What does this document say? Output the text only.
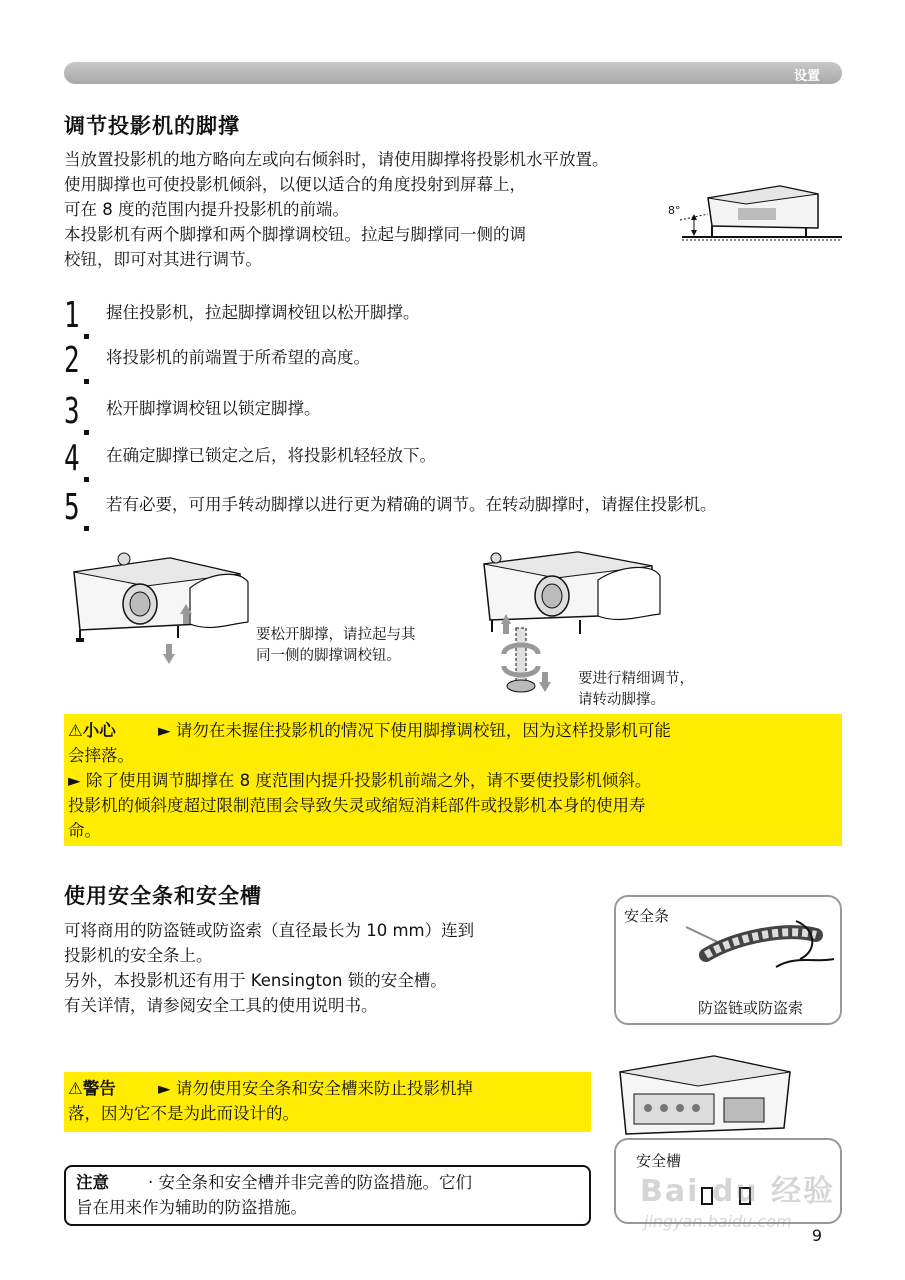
设置
调节投影机的脚撑

当放置投影机的地方略向左或向右倾斜时，请使用脚撑将投影机水平放置。

使用脚撑也可使投影机倾斜，以便以适合的角度投射到屏幕上，

可在 8 度的范围内提升投影机的前端。

本投影机有两个脚撑和两个脚撑调校钮。拉起与脚撑同一侧的调

校钮，即可对其进行调节。

8°
1 握住投影机，拉起脚撑调校钮以松开脚撑。
2 将投影机的前端置于所希望的高度。
3 松开脚撑调校钮以锁定脚撑。
4 在确定脚撑已锁定之后，将投影机轻轻放下。
5 若有必要，可用手转动脚撑以进行更为精确的调节。在转动脚撑时，请握住投影机。

要松开脚撑，请拉起与其

同一侧的脚撑调校钮。

要进行精细调节，

请转动脚撑。

⚠小心	► 请勿在未握住投影机的情况下使用脚撑调校钮，因为这样投影机可能
会摔落。
► 除了使用调节脚撑在 8 度范围内提升投影机前端之外，请不要使投影机倾斜。
投影机的倾斜度超过限制范围会导致失灵或缩短消耗部件或投影机本身的使用寿
命。
使用安全条和安全槽

可将商用的防盗链或防盗索（直径最长为 10 mm）连到

投影机的安全条上。

另外，本投影机还有用于 Kensington 锁的安全槽。

有关详情，请参阅安全工具的使用说明书。

⚠警告	► 请勿使用安全条和安全槽来防止投影机掉
落，因为它不是为此而设计的。
注意	· 安全条和安全槽并非完善的防盗措施。它们
旨在用来作为辅助的防盗措施。
安全条
防盗链或防盗索
安全槽
Bai du 经验
jingyan.baidu.com
9
